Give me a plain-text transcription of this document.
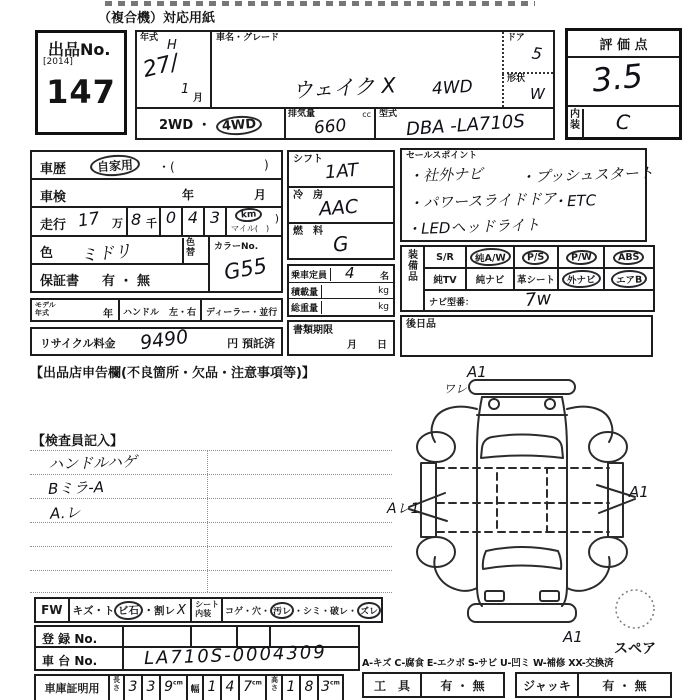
（複合機）対応用紙
出品No.
[2014]
147
年式 H
27/
1
月
車名・グレード
ウェイク X 4WD
ドア
5
形状
W
2WD ・ 4WD
排気量	cc
660
型式 DBA -LA710S
評 価 点
3.5
内装 C
車歴	自家用	・(	)
車検	年	月
走行 17 万 8 千 0 4 3	km
マイル(　)
)
色 ミドリ	色替
保証書 有 ・ 無
カラーNo.
G55
モデル年式	年 ハンドル 左・右 ディーラー・並行
リサイクル料金 9490	円 預託済
シフト
1AT
冷　房
AAC
燃　料 G
乗車定員 4	名
積載量	kg
総重量	kg
書類期限
月　　日
セールスポイント
・社外ナビ ・プッシュスタート
・パワースライドドア
・ETC
・LEDヘッドライト
装備品
S/R	純A/W	P/S	P/W	ABS
純TV 純ナビ 革シート	外ナビ	エアB
ナビ型番：	7w
後日品
【出品店申告欄(不良箇所・欠品・注意事項等)】
【検査員記入】
ハンドルハゲ
Bミラ-A
A.レ
A1
ワレ
Aレ1
A1
A1
スペア
FW キズ・ト ビ石 ・割レ X	シート内装	コゲ・穴・ 汚レ ・シミ・破レ・ ズレ
登 録 No.
車 台 No.	LA710S-0004309
車庫証明用
長さ 3 3 $9^{cm}$
幅 1 4 $7^{cm}$	高さ 1 8 $3^{cm}$
A-キズ C-腐食 E-エクボ S-サビ U-凹ミ W-補修 XX-交換済
工　具	有 ・ 無	ジャッキ	有 ・ 無
